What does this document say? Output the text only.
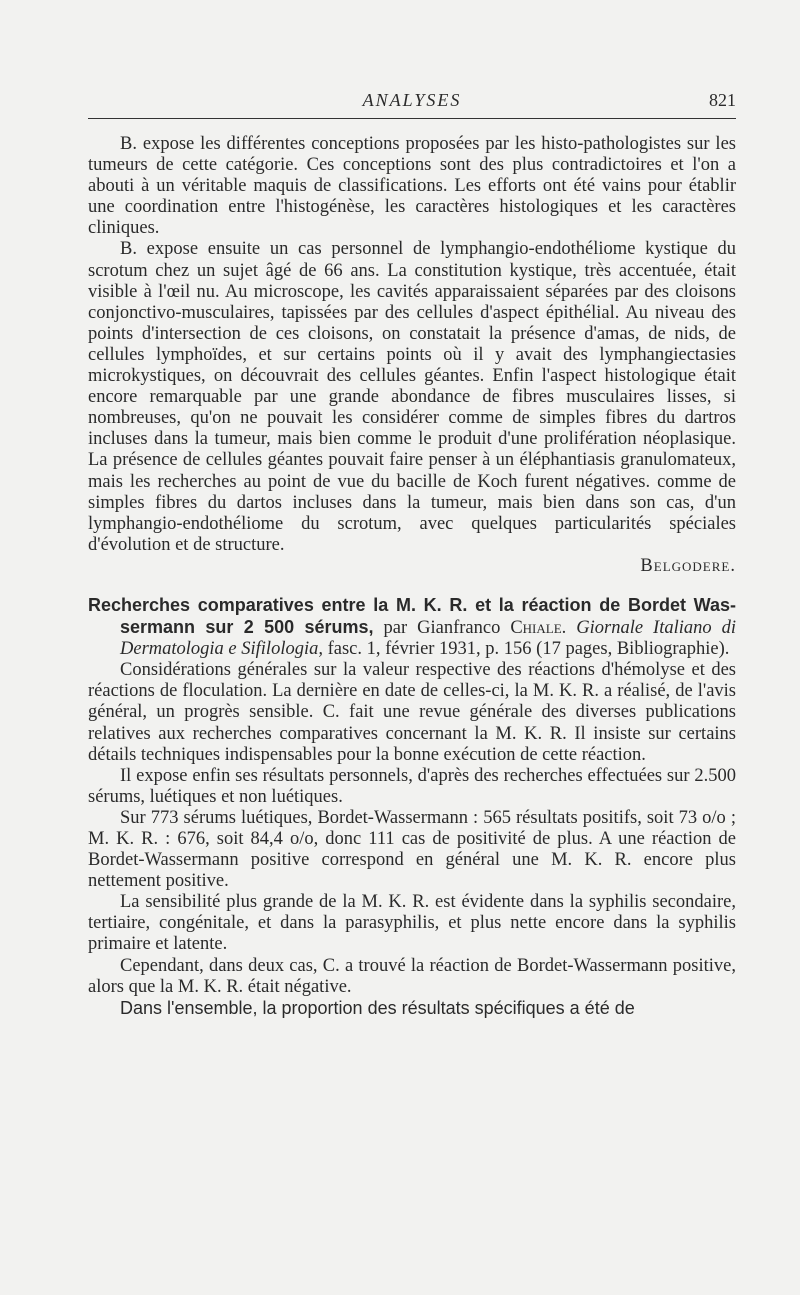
ANALYSES	821

B. expose les différentes conceptions proposées par les histo-pathologistes sur les tumeurs de cette catégorie. Ces conceptions sont des plus contradictoires et l'on a abouti à un véritable maquis de classifications. Les efforts ont été vains pour établir une coordination entre l'histogénèse, les caractères histologiques et les caractères cliniques.

B. expose ensuite un cas personnel de lymphangio-endothéliome kystique du scrotum chez un sujet âgé de 66 ans. La constitution kystique, très accentuée, était visible à l'œil nu. Au microscope, les cavités apparaissaient séparées par des cloisons conjonctivo-musculaires, tapissées par des cellules d'aspect épithélial. Au niveau des points d'intersection de ces cloisons, on constatait la présence d'amas, de nids, de cellules lymphoïdes, et sur certains points où il y avait des lymphangiectasies microkystiques, on découvrait des cellules géantes. Enfin l'aspect histologique était encore remarquable par une grande abondance de fibres musculaires lisses, si nombreuses, qu'on ne pouvait les considérer comme de simples fibres du dartros incluses dans la tumeur, mais bien comme le produit d'une prolifération néoplasique. La présence de cellules géantes pouvait faire penser à un éléphantiasis granulomateux, mais les recherches au point de vue du bacille de Koch furent négatives. comme de simples fibres du dartos incluses dans la tumeur, mais bien dans son cas, d'un lymphangio-endothéliome du scrotum, avec quelques particularités spéciales d'évolution et de structure.

Belgodere.

Recherches comparatives entre la M. K. R. et la réaction de Bordet Wassermann sur 2 500 sérums, par Gianfranco Chiale. Giornale Italiano di Dermatologia e Sifilologia, fasc. 1, février 1931, p. 156 (17 pages, Bibliographie).

Considérations générales sur la valeur respective des réactions d'hémolyse et des réactions de floculation. La dernière en date de celles-ci, la M. K. R. a réalisé, de l'avis général, un progrès sensible. C. fait une revue générale des diverses publications relatives aux recherches comparatives concernant la M. K. R. Il insiste sur certains détails techniques indispensables pour la bonne exécution de cette réaction.

Il expose enfin ses résultats personnels, d'après des recherches effectuées sur 2.500 sérums, luétiques et non luétiques.

Sur 773 sérums luétiques, Bordet-Wassermann : 565 résultats positifs, soit 73 o/o ; M. K. R. : 676, soit 84,4 o/o, donc 111 cas de positivité de plus. A une réaction de Bordet-Wassermann positive correspond en général une M. K. R. encore plus nettement positive.

La sensibilité plus grande de la M. K. R. est évidente dans la syphilis secondaire, tertiaire, congénitale, et dans la parasyphilis, et plus nette encore dans la syphilis primaire et latente.

Cependant, dans deux cas, C. a trouvé la réaction de Bordet-Wassermann positive, alors que la M. K. R. était négative.

Dans l'ensemble, la proportion des résultats spécifiques a été de
